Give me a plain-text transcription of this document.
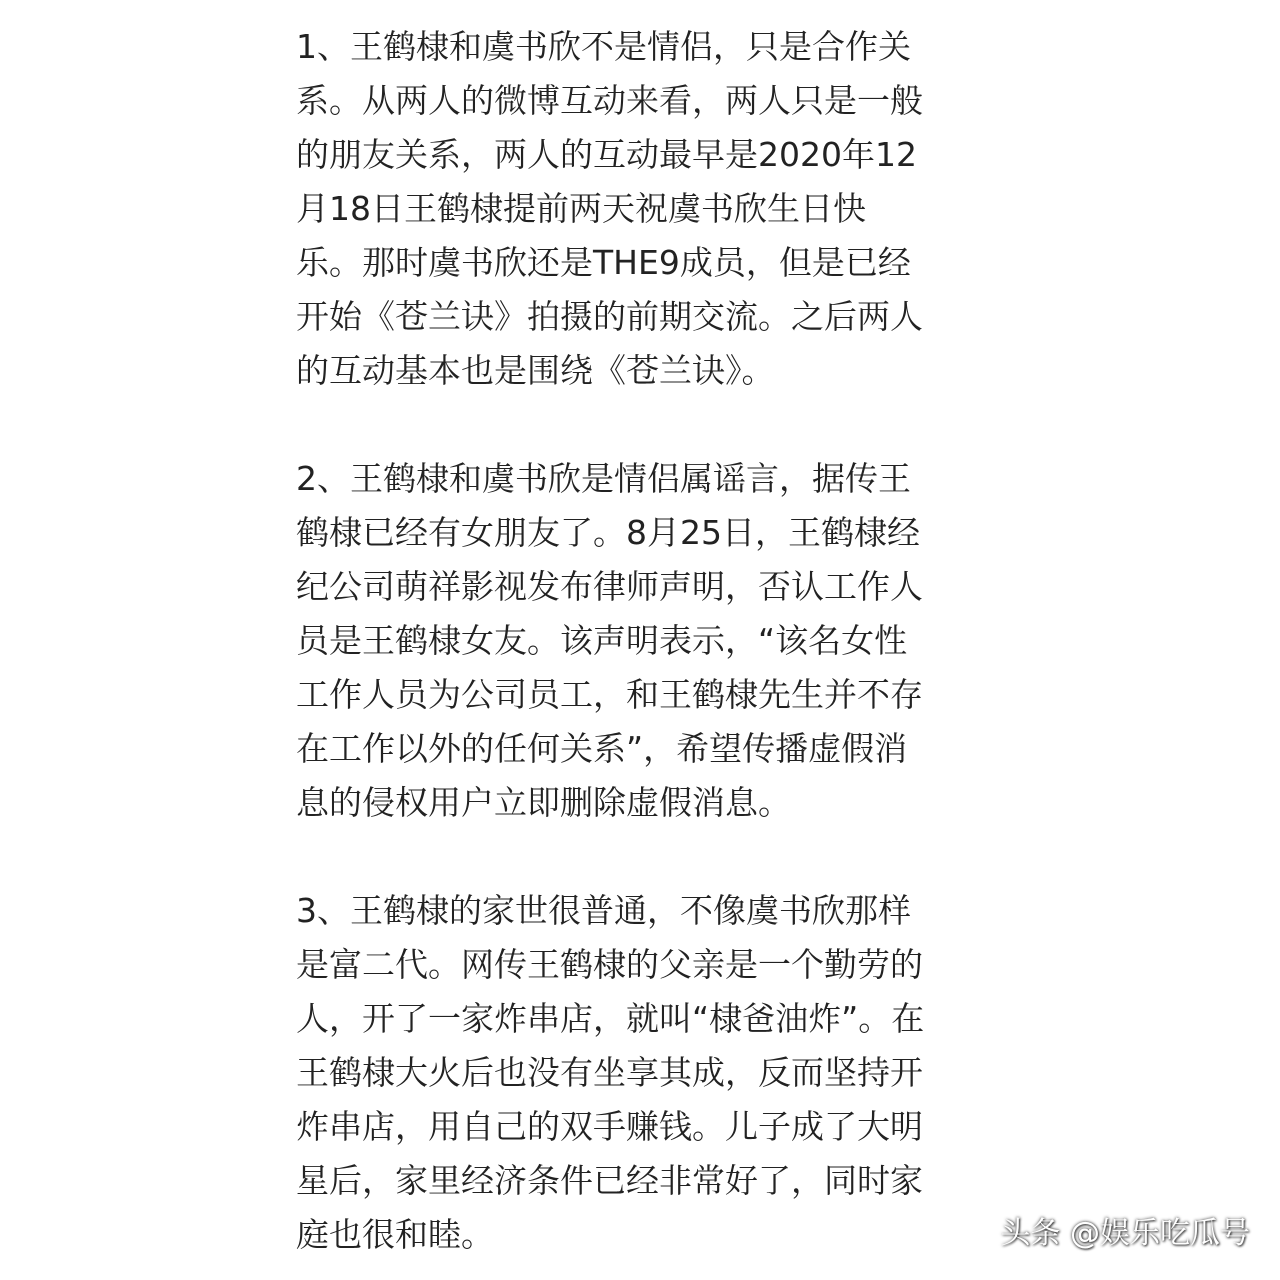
1、王鹤棣和虞书欣不是情侣，只是合作关
系。从两人的微博互动来看，两人只是一般
的朋友关系，两人的互动最早是2020年12
月18日王鹤棣提前两天祝虞书欣生日快
乐。那时虞书欣还是THE9成员，但是已经
开始《苍兰诀》拍摄的前期交流。之后两人
的互动基本也是围绕《苍兰诀》。
2、王鹤棣和虞书欣是情侣属谣言，据传王
鹤棣已经有女朋友了。8月25日，王鹤棣经
纪公司萌祥影视发布律师声明，否认工作人
员是王鹤棣女友。该声明表示，“该名女性
工作人员为公司员工，和王鹤棣先生并不存
在工作以外的任何关系”，希望传播虚假消
息的侵权用户立即删除虚假消息。
3、王鹤棣的家世很普通，不像虞书欣那样
是富二代。网传王鹤棣的父亲是一个勤劳的
人，开了一家炸串店，就叫“棣爸油炸”。在
王鹤棣大火后也没有坐享其成，反而坚持开
炸串店，用自己的双手赚钱。儿子成了大明
星后，家里经济条件已经非常好了，同时家
庭也很和睦。	头条 @娱乐吃瓜号
